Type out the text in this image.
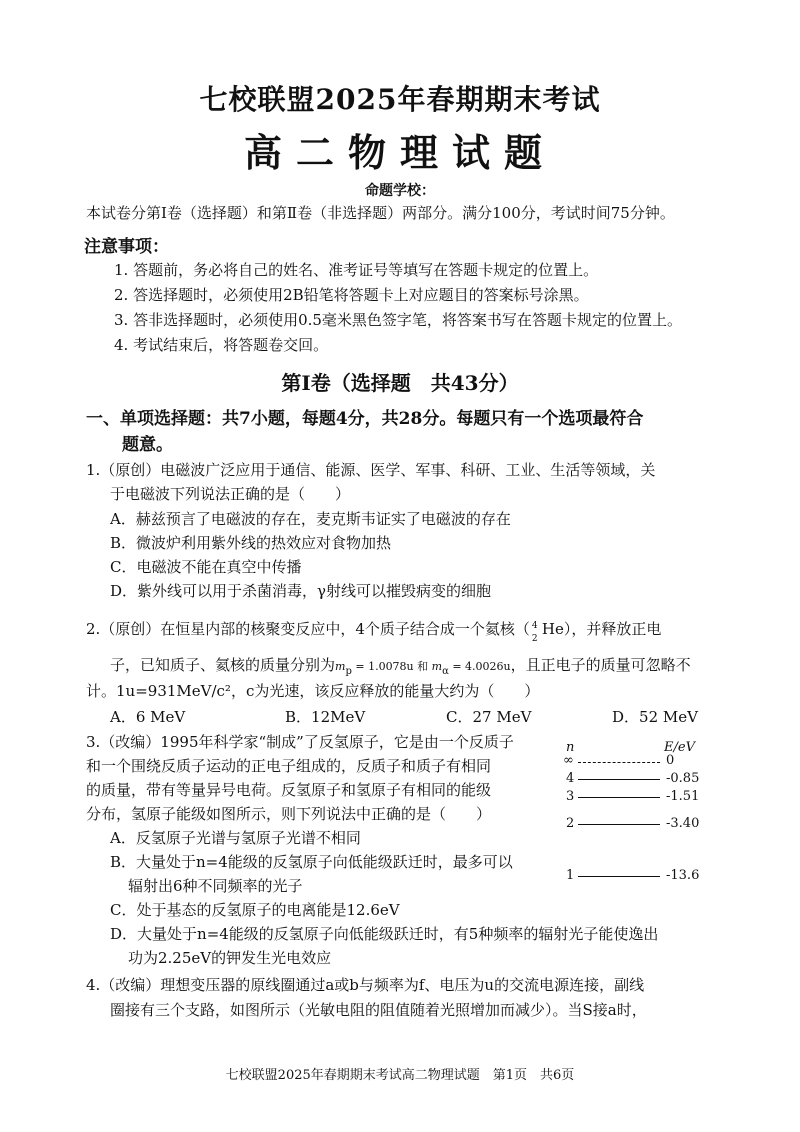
七校联盟2025年春期期末考试
高二物理试题
命题学校：
本试卷分第Ⅰ卷（选择题）和第Ⅱ卷（非选择题）两部分。满分100分，考试时间75分钟。
注意事项：
1. 答题前，务必将自己的姓名、准考证号等填写在答题卡规定的位置上。
2. 答选择题时，必须使用2B铅笔将答题卡上对应题目的答案标号涂黑。
3. 答非选择题时，必须使用0.5毫米黑色签字笔，将答案书写在答题卡规定的位置上。
4. 考试结束后，将答题卷交回。
第Ⅰ卷（选择题　共43分）
一、单项选择题：共7小题，每题4分，共28分。每题只有一个选项最符合
题意。
1.（原创）电磁波广泛应用于通信、能源、医学、军事、科研、工业、生活等领域，关
于电磁波下列说法正确的是（　　）
A．赫兹预言了电磁波的存在，麦克斯韦证实了电磁波的存在
B．微波炉利用紫外线的热效应对食物加热
C．电磁波不能在真空中传播
D．紫外线可以用于杀菌消毒，γ射线可以摧毁病变的细胞
2.（原创）在恒星内部的核聚变反应中，4个质子结合成一个氦核（ 4
2
He），并释放正电
子，已知质子、氦核的质量分别为$m_p = 1.0078u$ 和 $m_\alpha = 4.0026u$，且正电子的质量可忽略不
计。1u=931MeV/c²，c为光速，该反应释放的能量大约为（　　）
A．6 MeV	B．12MeV	C．27 MeV	D．52 MeV
3.（改编）1995年科学家“制成”了反氢原子，它是由一个反质子
和一个围绕反质子运动的正电子组成的，反质子和质子有相同
的质量，带有等量异号电荷。反氢原子和氢原子有相同的能级
分布，氢原子能级如图所示，则下列说法中正确的是（　　）
A．反氢原子光谱与氢原子光谱不相同
B．大量处于n=4能级的反氢原子向低能级跃迁时，最多可以
辐射出6种不同频率的光子
C．处于基态的反氢原子的电离能是12.6eV
D．大量处于n=4能级的反氢原子向低能级跃迁时，有5种频率的辐射光子能使逸出
功为2.25eV的钾发生光电效应
n	E/eV
∞	0
4	-0.85
3	-1.51
2	-3.40
1	-13.6
4.（改编）理想变压器的原线圈通过a或b与频率为f、电压为u的交流电源连接，副线
圈接有三个支路，如图所示（光敏电阻的阻值随着光照增加而减少）。当S接a时，
七校联盟2025年春期期末考试高二物理试题　第1页　共6页
